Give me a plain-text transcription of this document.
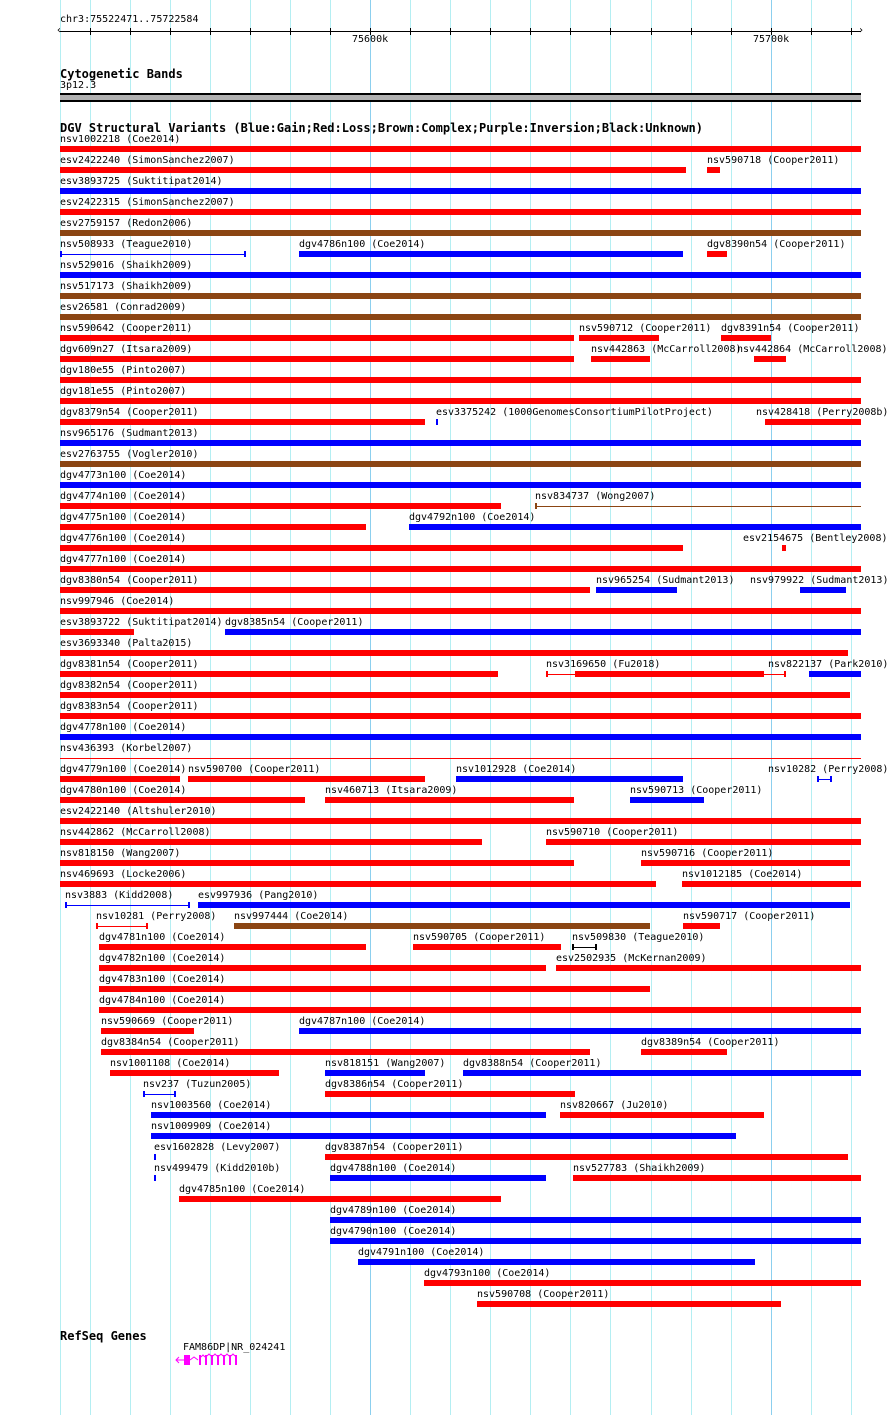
chr3:75522471..75722584
75600k	75700k
‹	›
Cytogenetic Bands
3p12.3
DGV Structural Variants (Blue:Gain;Red:Loss;Brown:Complex;Purple:Inversion;Black:Unknown)
nsv1002218 (Coe2014)
esv2422240 (SimonSanchez2007)	nsv590718 (Cooper2011)
esv3893725 (Suktitipat2014)
esv2422315 (SimonSanchez2007)
esv2759157 (Redon2006)
nsv508933 (Teague2010)	dgv4786n100 (Coe2014)	dgv8390n54 (Cooper2011)
nsv529016 (Shaikh2009)
nsv517173 (Shaikh2009)
esv26581 (Conrad2009)
nsv590642 (Cooper2011)	nsv590712 (Cooper2011) dgv8391n54 (Cooper2011)
dgv609n27 (Itsara2009)	nsv442863 (McCarroll2008)
nsv442864 (McCarroll2008)
dgv180e55 (Pinto2007)
dgv181e55 (Pinto2007)
dgv8379n54 (Cooper2011)	esv3375242 (1000GenomesConsortiumPilotProject)	nsv428418 (Perry2008b)
nsv965176 (Sudmant2013)
esv2763755 (Vogler2010)
dgv4773n100 (Coe2014)
dgv4774n100 (Coe2014)	nsv834737 (Wong2007)
dgv4775n100 (Coe2014)	dgv4792n100 (Coe2014)
dgv4776n100 (Coe2014)	esv2154675 (Bentley2008)
dgv4777n100 (Coe2014)
dgv8380n54 (Cooper2011)	nsv965254 (Sudmant2013) nsv979922 (Sudmant2013)
nsv997946 (Coe2014)
esv3893722 (Suktitipat2014) dgv8385n54 (Cooper2011)
esv3693340 (Palta2015)
dgv8381n54 (Cooper2011)	nsv3169650 (Fu2018)	nsv822137 (Park2010)
dgv8382n54 (Cooper2011)
dgv8383n54 (Cooper2011)
dgv4778n100 (Coe2014)
nsv436393 (Korbel2007)
dgv4779n100 (Coe2014) nsv590700 (Cooper2011)	nsv1012928 (Coe2014)	nsv10282 (Perry2008)
dgv4780n100 (Coe2014)	nsv460713 (Itsara2009)	nsv590713 (Cooper2011)
esv2422140 (Altshuler2010)
nsv442862 (McCarroll2008)	nsv590710 (Cooper2011)
nsv818150 (Wang2007)	nsv590716 (Cooper2011)
nsv469693 (Locke2006)	nsv1012185 (Coe2014)
nsv3883 (Kidd2008) esv997936 (Pang2010)
nsv10281 (Perry2008) nsv997444 (Coe2014)	nsv590717 (Cooper2011)
dgv4781n100 (Coe2014)	nsv590705 (Cooper2011)	nsv509830 (Teague2010)
dgv4782n100 (Coe2014)	esv2502935 (McKernan2009)
dgv4783n100 (Coe2014)
dgv4784n100 (Coe2014)
nsv590669 (Cooper2011)	dgv4787n100 (Coe2014)
dgv8384n54 (Cooper2011)	dgv8389n54 (Cooper2011)
nsv1001108 (Coe2014)	nsv818151 (Wang2007) dgv8388n54 (Cooper2011)
nsv237 (Tuzun2005)	dgv8386n54 (Cooper2011)
nsv1003560 (Coe2014)	nsv820667 (Ju2010)
nsv1009909 (Coe2014)
esv1602828 (Levy2007)	dgv8387n54 (Cooper2011)
nsv499479 (Kidd2010b)	dgv4788n100 (Coe2014)	nsv527783 (Shaikh2009)
dgv4785n100 (Coe2014)
dgv4789n100 (Coe2014)
dgv4790n100 (Coe2014)
dgv4791n100 (Coe2014)
dgv4793n100 (Coe2014)
nsv590708 (Cooper2011)
RefSeq Genes
FAM86DP|NR_024241
